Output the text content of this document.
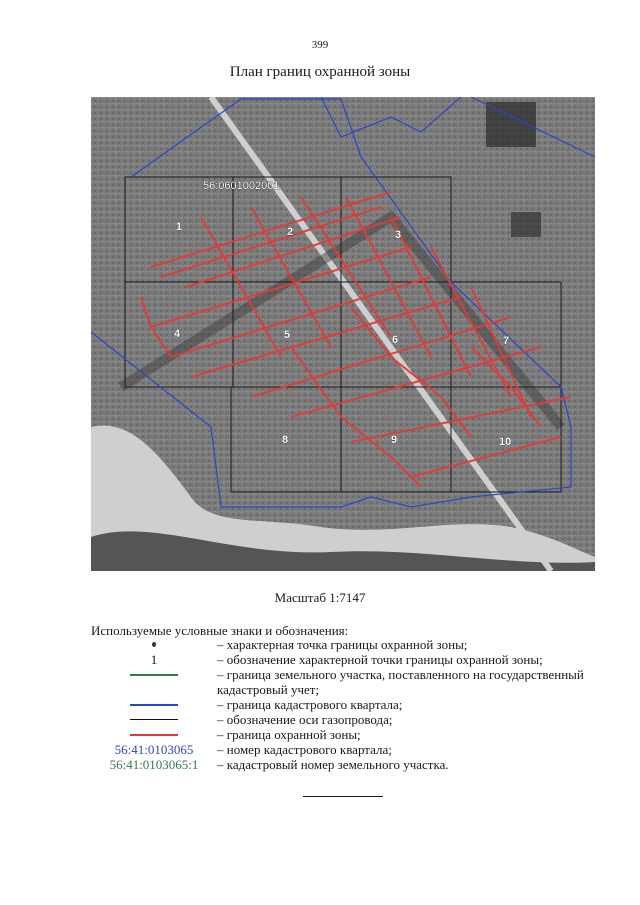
399
План границ охранной зоны
56:0601002001
1	2	3
4	5	6	7
8	9	10
Масштаб 1:7147
Используемые условные знаки и обозначения:
– характерная точка границы охранной зоны;
1	– обозначение характерной точки границы охранной зоны;
– граница земельного участка, поставленного на государственный кадастровый учет;
– граница кадастрового квартала;
– обозначение оси газопровода;
– граница охранной зоны;
56:41:0103065 – номер кадастрового квартала;
56:41:0103065:1 – кадастровый номер земельного участка.
